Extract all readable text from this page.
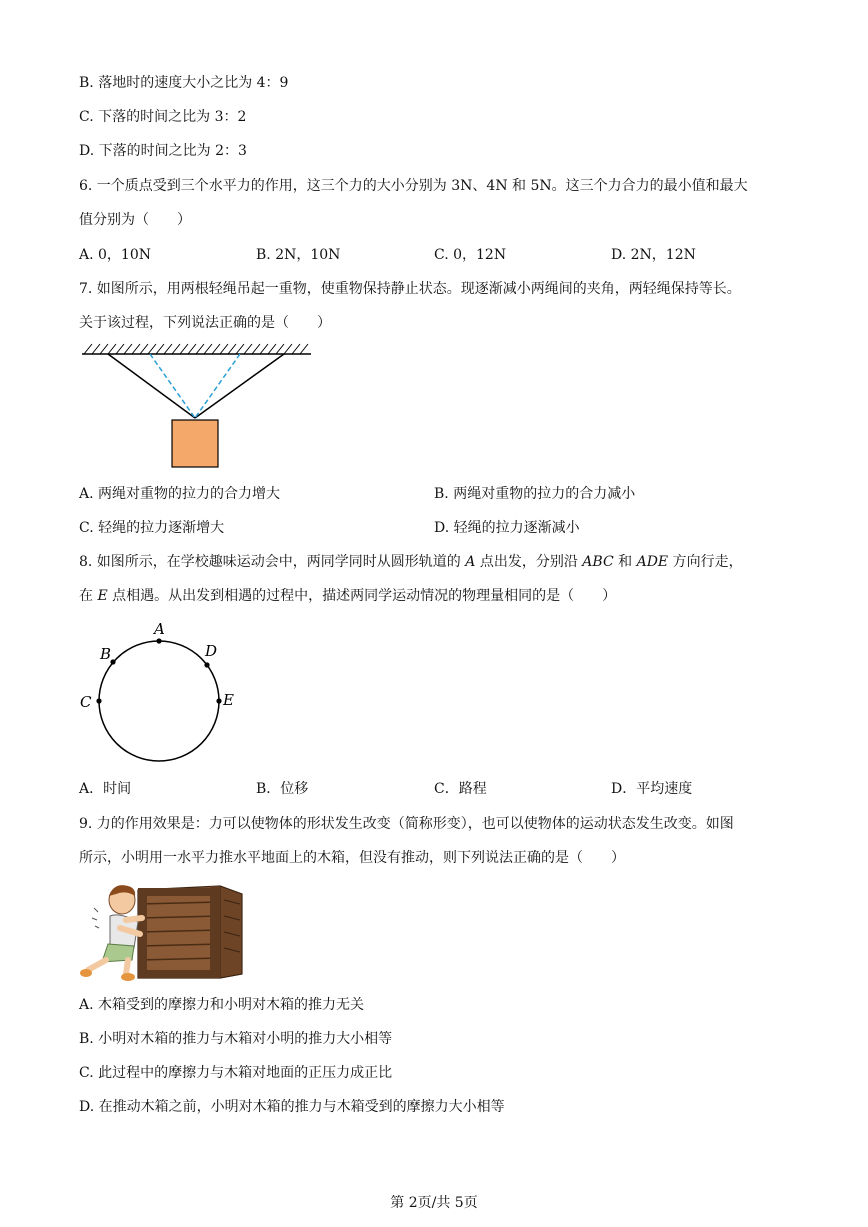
B. 落地时的速度大小之比为 4：9
C. 下落的时间之比为 3：2
D. 下落的时间之比为 2：3
6. 一个质点受到三个水平力的作用，这三个力的大小分别为 3N、4N 和 5N。这三个力合力的最小值和最大
值分别为（　　）
A. 0，10N	B. 2N，10N	C. 0，12N	D. 2N，12N
7. 如图所示，用两根轻绳吊起一重物，使重物保持静止状态。现逐渐减小两绳间的夹角，两轻绳保持等长。
关于该过程，下列说法正确的是（　　）
A. 两绳对重物的拉力的合力增大	B. 两绳对重物的拉力的合力减小
C. 轻绳的拉力逐渐增大	D. 轻绳的拉力逐渐减小
8. 如图所示，在学校趣味运动会中，两同学同时从圆形轨道的 A 点出发，分别沿 ABC 和 ADE 方向行走，
在 E 点相遇。从出发到相遇的过程中，描述两同学运动情况的物理量相同的是（　　）
A
B
C
D
E
A．时间	B．位移	C．路程	D．平均速度
9. 力的作用效果是：力可以使物体的形状发生改变（简称形变），也可以使物体的运动状态发生改变。如图
所示，小明用一水平力推水平地面上的木箱，但没有推动，则下列说法正确的是（　　）
A. 木箱受到的摩擦力和小明对木箱的推力无关
B. 小明对木箱的推力与木箱对小明的推力大小相等
C. 此过程中的摩擦力与木箱对地面的正压力成正比
D. 在推动木箱之前，小明对木箱的推力与木箱受到的摩擦力大小相等
第 2页/共 5页
